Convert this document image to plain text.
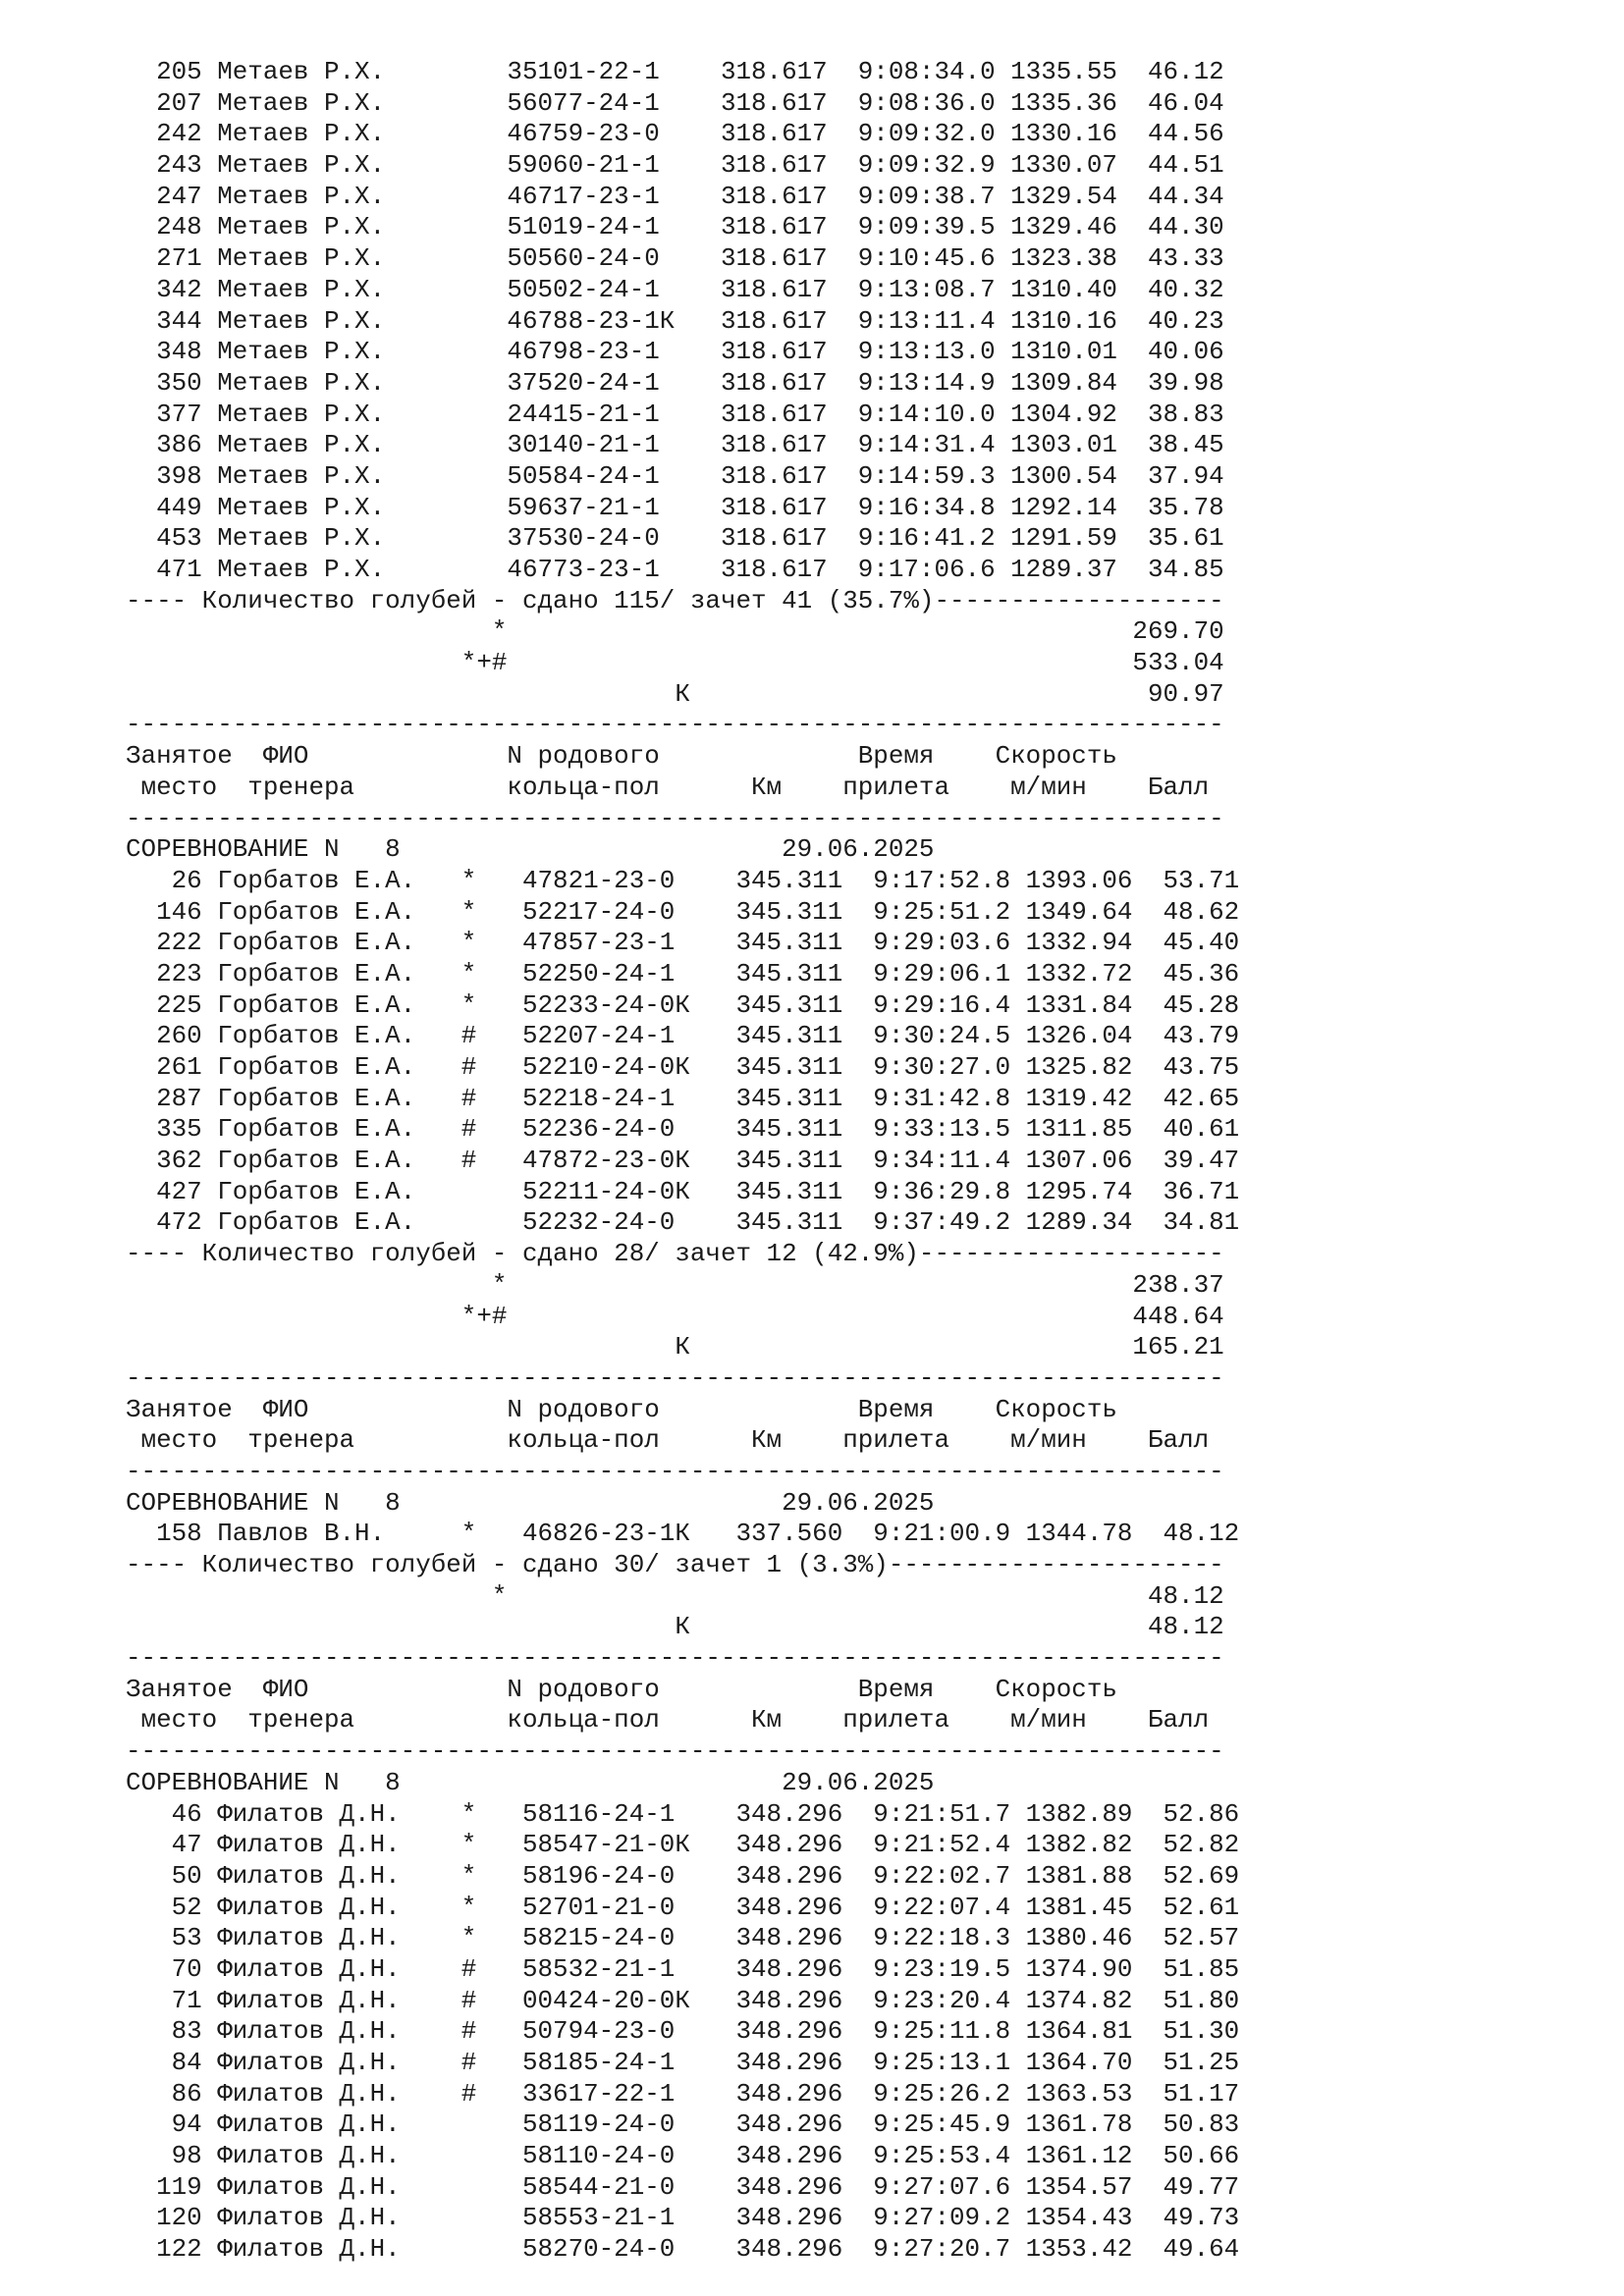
205 Метаев Р.Х.        35101-22-1    318.617  9:08:34.0 1335.55  46.12
207 Метаев Р.Х.        56077-24-1    318.617  9:08:36.0 1335.36  46.04
242 Метаев Р.Х.        46759-23-0    318.617  9:09:32.0 1330.16  44.56
243 Метаев Р.Х.        59060-21-1    318.617  9:09:32.9 1330.07  44.51
247 Метаев Р.Х.        46717-23-1    318.617  9:09:38.7 1329.54  44.34
248 Метаев Р.Х.        51019-24-1    318.617  9:09:39.5 1329.46  44.30
271 Метаев Р.Х.        50560-24-0    318.617  9:10:45.6 1323.38  43.33
342 Метаев Р.Х.        50502-24-1    318.617  9:13:08.7 1310.40  40.32
344 Метаев Р.Х.        46788-23-1К   318.617  9:13:11.4 1310.16  40.23
348 Метаев Р.Х.        46798-23-1    318.617  9:13:13.0 1310.01  40.06
350 Метаев Р.Х.        37520-24-1    318.617  9:13:14.9 1309.84  39.98
377 Метаев Р.Х.        24415-21-1    318.617  9:14:10.0 1304.92  38.83
386 Метаев Р.Х.        30140-21-1    318.617  9:14:31.4 1303.01  38.45
398 Метаев Р.Х.        50584-24-1    318.617  9:14:59.3 1300.54  37.94
449 Метаев Р.Х.        59637-21-1    318.617  9:16:34.8 1292.14  35.78
453 Метаев Р.Х.        37530-24-0    318.617  9:16:41.2 1291.59  35.61
471 Метаев Р.Х.        46773-23-1    318.617  9:17:06.6 1289.37  34.85
---- Количество голубей - сдано 115/ зачет 41 (35.7%)-------------------
*                                         269.70
*+#                                         533.04
К                              90.97
------------------------------------------------------------------------
Занятое  ФИО             N родового             Время    Скорость
место  тренера          кольца-пол      Км    прилета    м/мин    Балл
------------------------------------------------------------------------
СОРЕВНОВАНИЕ N   8                         29.06.2025
26 Горбатов Е.А.   *   47821-23-0    345.311  9:17:52.8 1393.06  53.71
146 Горбатов Е.А.   *   52217-24-0    345.311  9:25:51.2 1349.64  48.62
222 Горбатов Е.А.   *   47857-23-1    345.311  9:29:03.6 1332.94  45.40
223 Горбатов Е.А.   *   52250-24-1    345.311  9:29:06.1 1332.72  45.36
225 Горбатов Е.А.   *   52233-24-0К   345.311  9:29:16.4 1331.84  45.28
260 Горбатов Е.А.   #   52207-24-1    345.311  9:30:24.5 1326.04  43.79
261 Горбатов Е.А.   #   52210-24-0К   345.311  9:30:27.0 1325.82  43.75
287 Горбатов Е.А.   #   52218-24-1    345.311  9:31:42.8 1319.42  42.65
335 Горбатов Е.А.   #   52236-24-0    345.311  9:33:13.5 1311.85  40.61
362 Горбатов Е.А.   #   47872-23-0К   345.311  9:34:11.4 1307.06  39.47
427 Горбатов Е.А.       52211-24-0К   345.311  9:36:29.8 1295.74  36.71
472 Горбатов Е.А.       52232-24-0    345.311  9:37:49.2 1289.34  34.81
---- Количество голубей - сдано 28/ зачет 12 (42.9%)--------------------
*                                         238.37
*+#                                         448.64
К                             165.21
------------------------------------------------------------------------
Занятое  ФИО             N родового             Время    Скорость
место  тренера          кольца-пол      Км    прилета    м/мин    Балл
------------------------------------------------------------------------
СОРЕВНОВАНИЕ N   8                         29.06.2025
158 Павлов В.Н.     *   46826-23-1К   337.560  9:21:00.9 1344.78  48.12
---- Количество голубей - сдано 30/ зачет 1 (3.3%)----------------------
*                                          48.12
К                              48.12
------------------------------------------------------------------------
Занятое  ФИО             N родового             Время    Скорость
место  тренера          кольца-пол      Км    прилета    м/мин    Балл
------------------------------------------------------------------------
СОРЕВНОВАНИЕ N   8                         29.06.2025
46 Филатов Д.Н.    *   58116-24-1    348.296  9:21:51.7 1382.89  52.86
47 Филатов Д.Н.    *   58547-21-0К   348.296  9:21:52.4 1382.82  52.82
50 Филатов Д.Н.    *   58196-24-0    348.296  9:22:02.7 1381.88  52.69
52 Филатов Д.Н.    *   52701-21-0    348.296  9:22:07.4 1381.45  52.61
53 Филатов Д.Н.    *   58215-24-0    348.296  9:22:18.3 1380.46  52.57
70 Филатов Д.Н.    #   58532-21-1    348.296  9:23:19.5 1374.90  51.85
71 Филатов Д.Н.    #   00424-20-0К   348.296  9:23:20.4 1374.82  51.80
83 Филатов Д.Н.    #   50794-23-0    348.296  9:25:11.8 1364.81  51.30
84 Филатов Д.Н.    #   58185-24-1    348.296  9:25:13.1 1364.70  51.25
86 Филатов Д.Н.    #   33617-22-1    348.296  9:25:26.2 1363.53  51.17
94 Филатов Д.Н.        58119-24-0    348.296  9:25:45.9 1361.78  50.83
98 Филатов Д.Н.        58110-24-0    348.296  9:25:53.4 1361.12  50.66
119 Филатов Д.Н.        58544-21-0    348.296  9:27:07.6 1354.57  49.77
120 Филатов Д.Н.        58553-21-1    348.296  9:27:09.2 1354.43  49.73
122 Филатов Д.Н.        58270-24-0    348.296  9:27:20.7 1353.42  49.64
